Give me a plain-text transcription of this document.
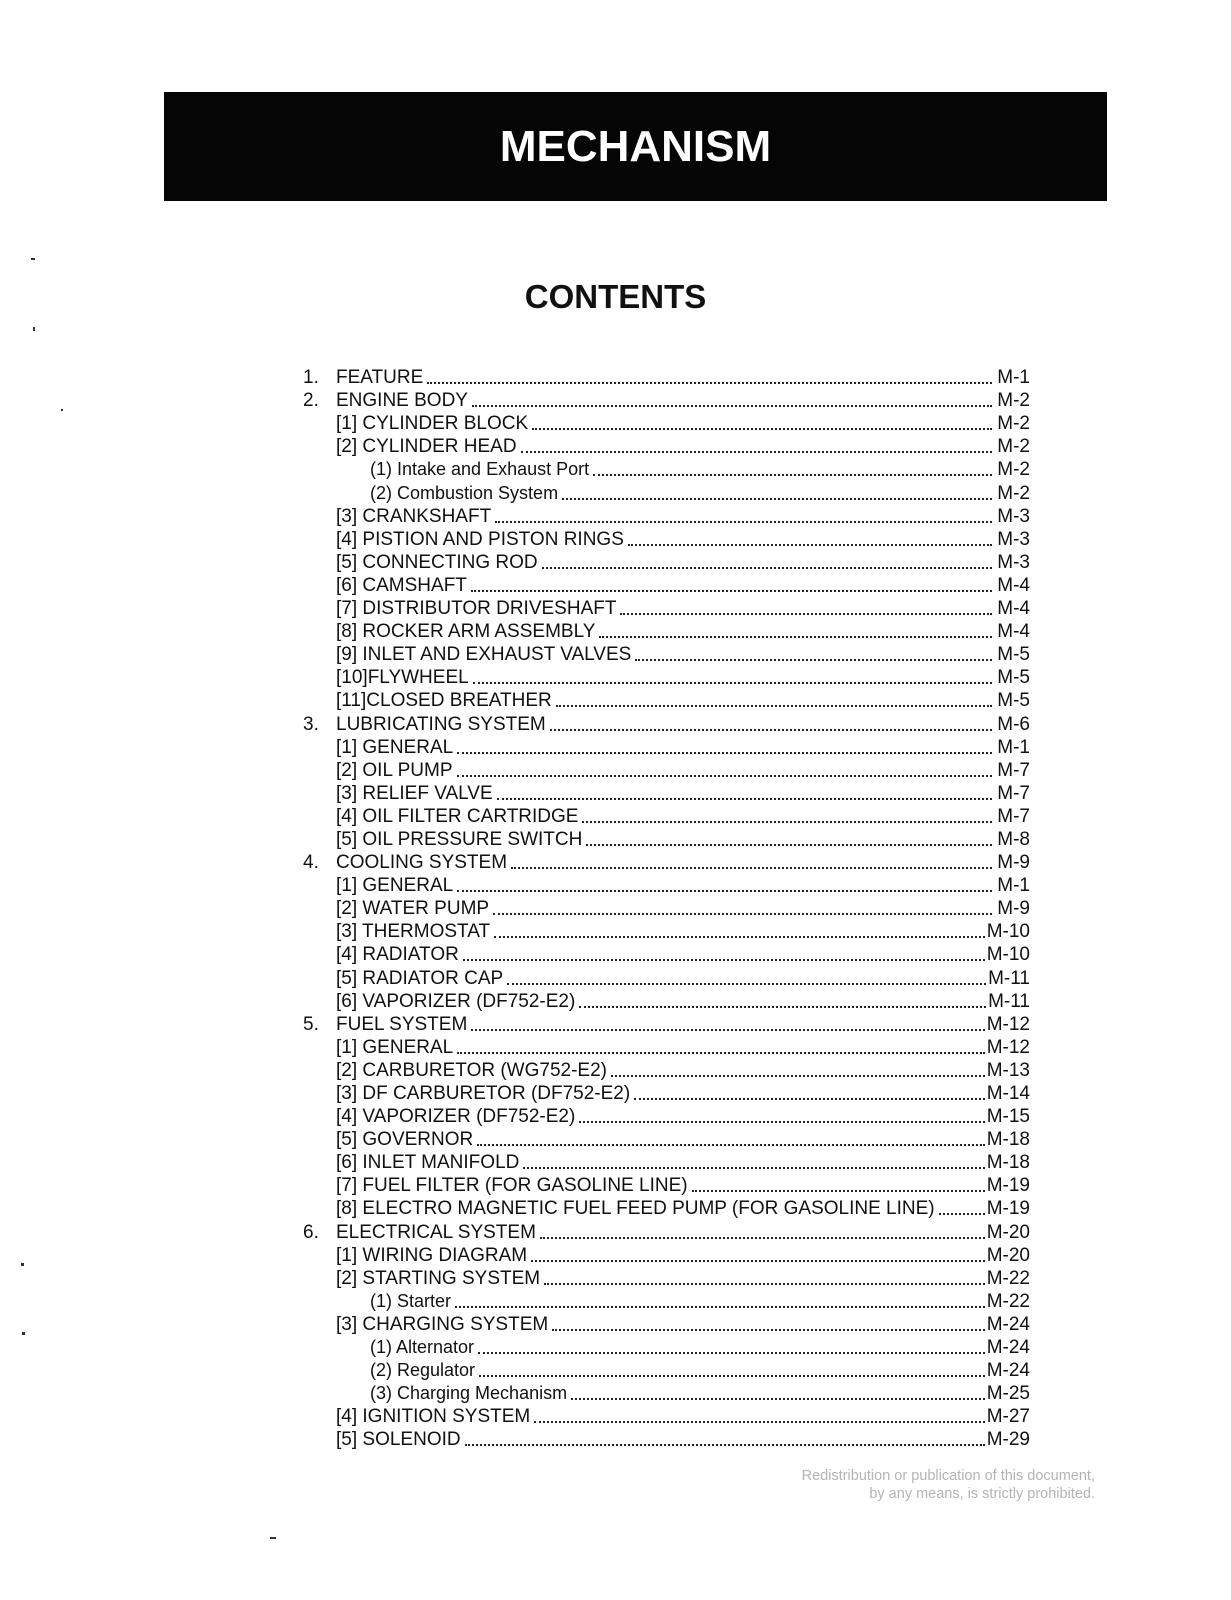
MECHANISM
CONTENTS
1. FEATURE	M-1
2. ENGINE BODY	M-2
[1] CYLINDER BLOCK	M-2
[2] CYLINDER HEAD	M-2
(1) Intake and Exhaust Port	M-2
(2) Combustion System	M-2
[3] CRANKSHAFT	M-3
[4] PISTION AND PISTON RINGS	M-3
[5] CONNECTING ROD	M-3
[6] CAMSHAFT	M-4
[7] DISTRIBUTOR DRIVESHAFT	M-4
[8] ROCKER ARM ASSEMBLY	M-4
[9] INLET AND EXHAUST VALVES	M-5
[10]FLYWHEEL	M-5
[11]CLOSED BREATHER	M-5
3. LUBRICATING SYSTEM	M-6
[1] GENERAL	M-1
[2] OIL PUMP	M-7
[3] RELIEF VALVE	M-7
[4] OIL FILTER CARTRIDGE	M-7
[5] OIL PRESSURE SWITCH	M-8
4. COOLING SYSTEM	M-9
[1] GENERAL	M-1
[2] WATER PUMP	M-9
[3] THERMOSTAT	M-10
[4] RADIATOR	M-10
[5] RADIATOR CAP	M-11
[6] VAPORIZER (DF752-E2)	M-11
5. FUEL SYSTEM	M-12
[1] GENERAL	M-12
[2] CARBURETOR (WG752-E2)	M-13
[3] DF CARBURETOR (DF752-E2)	M-14
[4] VAPORIZER (DF752-E2)	M-15
[5] GOVERNOR	M-18
[6] INLET MANIFOLD	M-18
[7] FUEL FILTER (FOR GASOLINE LINE)	M-19
[8] ELECTRO MAGNETIC FUEL FEED PUMP (FOR GASOLINE LINE)	M-19
6. ELECTRICAL SYSTEM	M-20
[1] WIRING DIAGRAM	M-20
[2] STARTING SYSTEM	M-22
(1) Starter	M-22
[3] CHARGING SYSTEM	M-24
(1) Alternator	M-24
(2) Regulator	M-24
(3) Charging Mechanism	M-25
[4] IGNITION SYSTEM	M-27
[5] SOLENOID	M-29
Redistribution or publication of this document,
by any means, is strictly prohibited.
